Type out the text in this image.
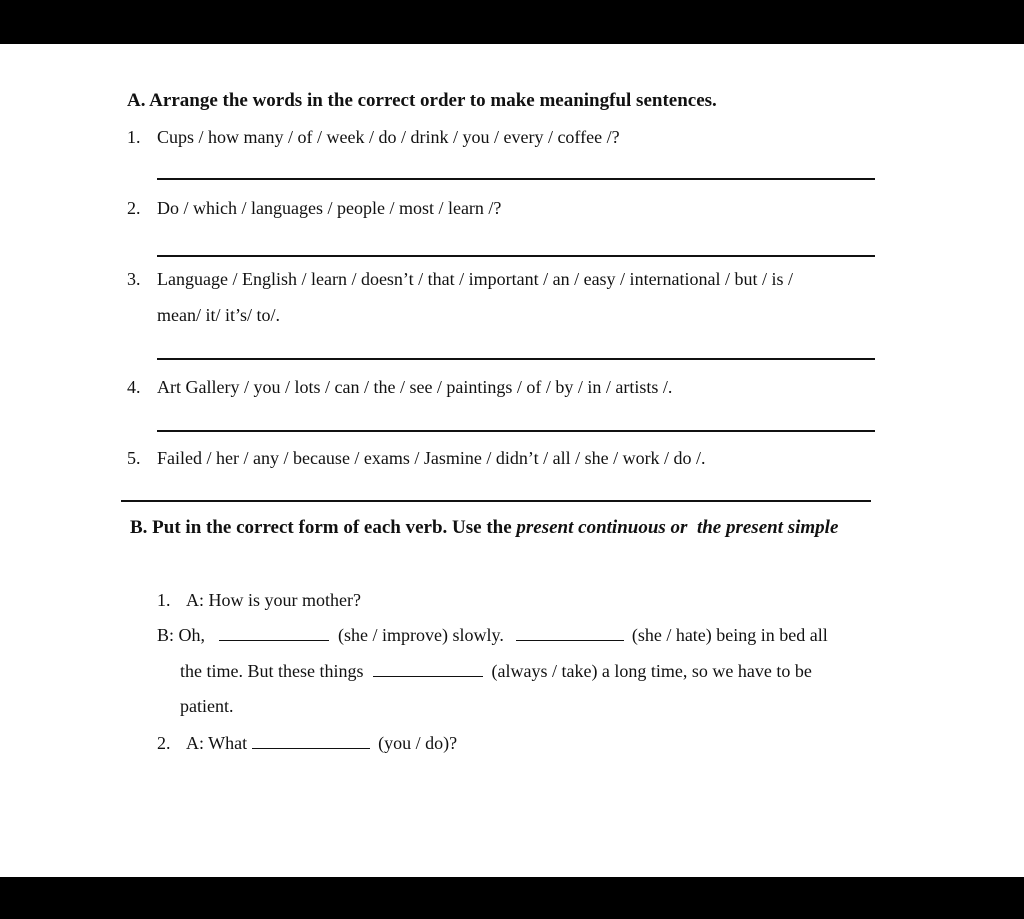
A. Arrange the words in the correct order to make meaningful sentences.
1. Cups / how many / of / week / do / drink / you / every / coffee /?
2. Do / which / languages / people / most / learn /?
3. Language / English / learn / doesn’t / that / important / an / easy / international / but / is /
mean/ it/ it’s/ to/.
4. Art Gallery / you / lots / can / the / see / paintings / of / by / in / artists /.
5. Failed / her / any / because / exams / Jasmine / didn’t / all / she / work / do /.
B. Put in the correct form of each verb. Use the present continuous or the present simple
1. A: How is your mother?
B: Oh,	(she / improve) slowly.	(she / hate) being in bed all
the time. But these things	(always / take) a long time, so we have to be
patient.
2. A: What	(you / do)?
